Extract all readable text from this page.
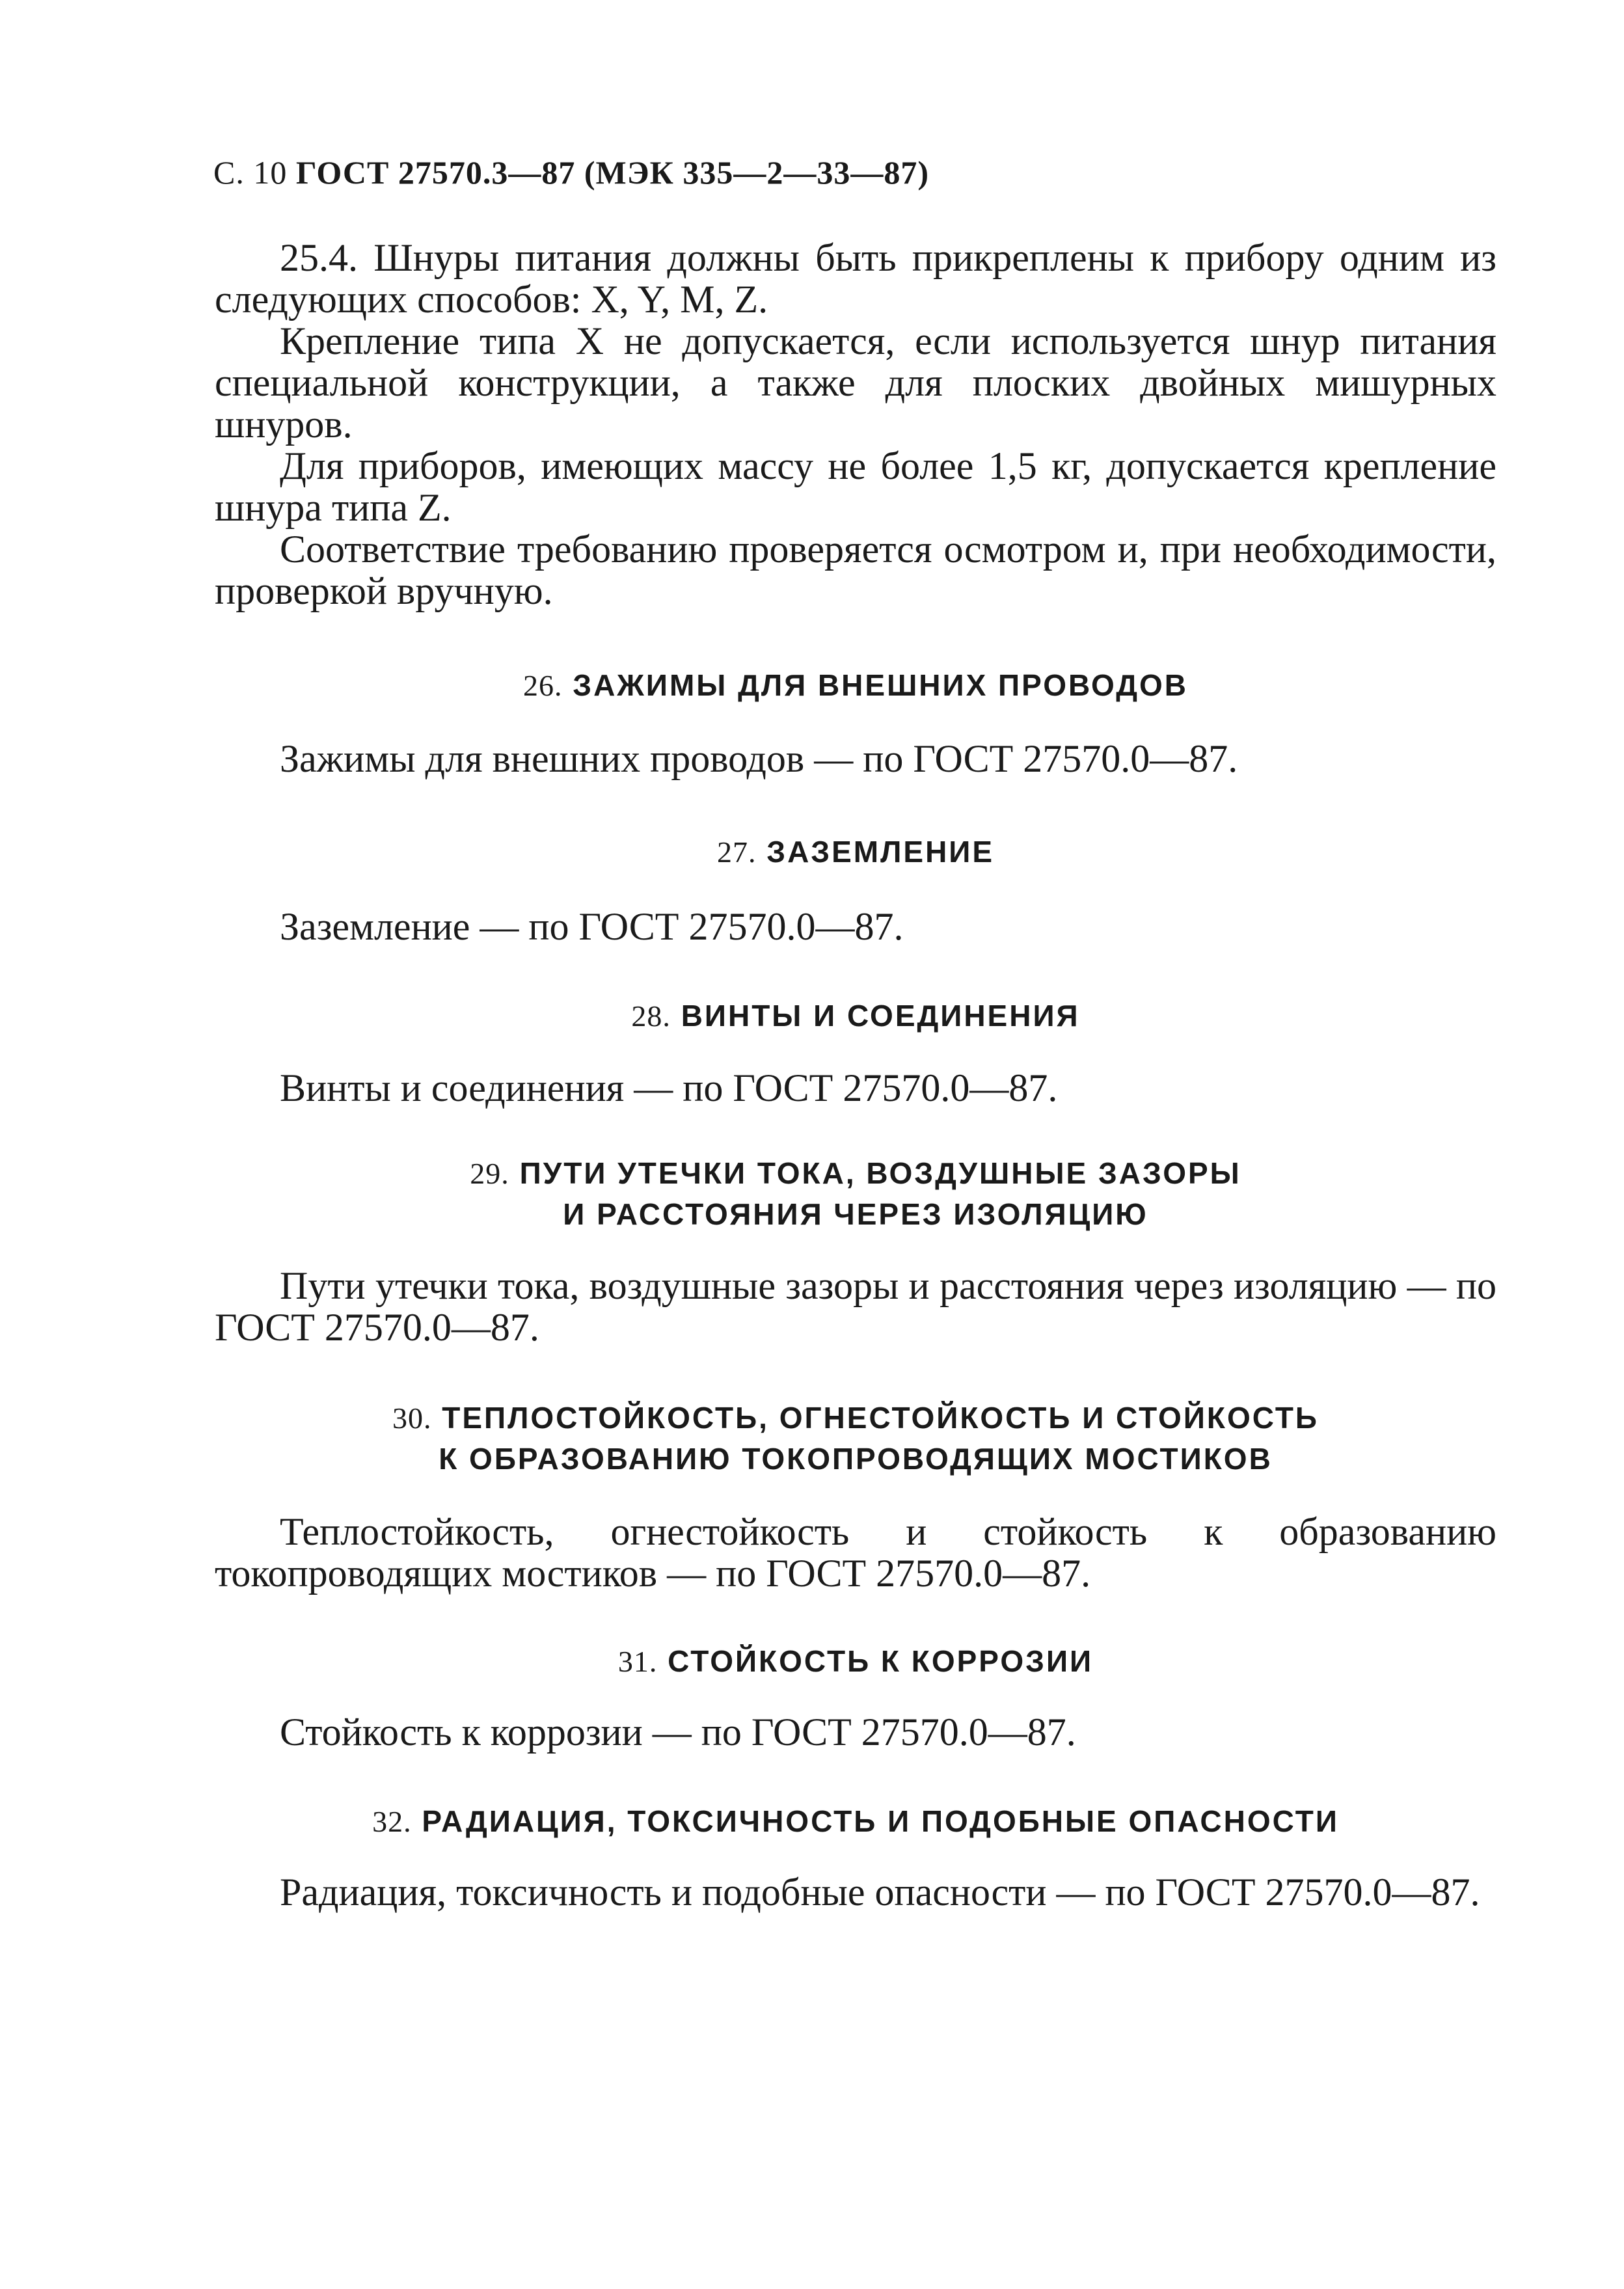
С. 10 ГОСТ 27570.3—87 (МЭК 335—2—33—87)

25.4. Шнуры питания должны быть прикреплены к прибору одним из следующих способов: X, Y, M, Z.

Крепление типа X не допускается, если используется шнур питания специальной конструкции, а также для плоских двойных мишурных шнуров.

Для приборов, имеющих массу не более 1,5 кг, допускается крепление шнура типа Z.

Соответствие требованию проверяется осмотром и, при необходимости, проверкой вручную.

26. ЗАЖИМЫ ДЛЯ ВНЕШНИХ ПРОВОДОВ

Зажимы для внешних проводов — по ГОСТ 27570.0—87.

27. ЗАЗЕМЛЕНИЕ

Заземление — по ГОСТ 27570.0—87.

28. ВИНТЫ И СОЕДИНЕНИЯ

Винты и соединения — по ГОСТ 27570.0—87.

29. ПУТИ УТЕЧКИ ТОКА, ВОЗДУШНЫЕ ЗАЗОРЫ
И РАССТОЯНИЯ ЧЕРЕЗ ИЗОЛЯЦИЮ

Пути утечки тока, воздушные зазоры и расстояния через изоляцию — по ГОСТ 27570.0—87.

30. ТЕПЛОСТОЙКОСТЬ, ОГНЕСТОЙКОСТЬ И СТОЙКОСТЬ
К ОБРАЗОВАНИЮ ТОКОПРОВОДЯЩИХ МОСТИКОВ

Теплостойкость, огнестойкость и стойкость к образованию токопроводящих мостиков — по ГОСТ 27570.0—87.

31. СТОЙКОСТЬ К КОРРОЗИИ

Стойкость к коррозии — по ГОСТ 27570.0—87.

32. РАДИАЦИЯ, ТОКСИЧНОСТЬ И ПОДОБНЫЕ ОПАСНОСТИ

Радиация, токсичность и подобные опасности — по ГОСТ 27570.0—87.
